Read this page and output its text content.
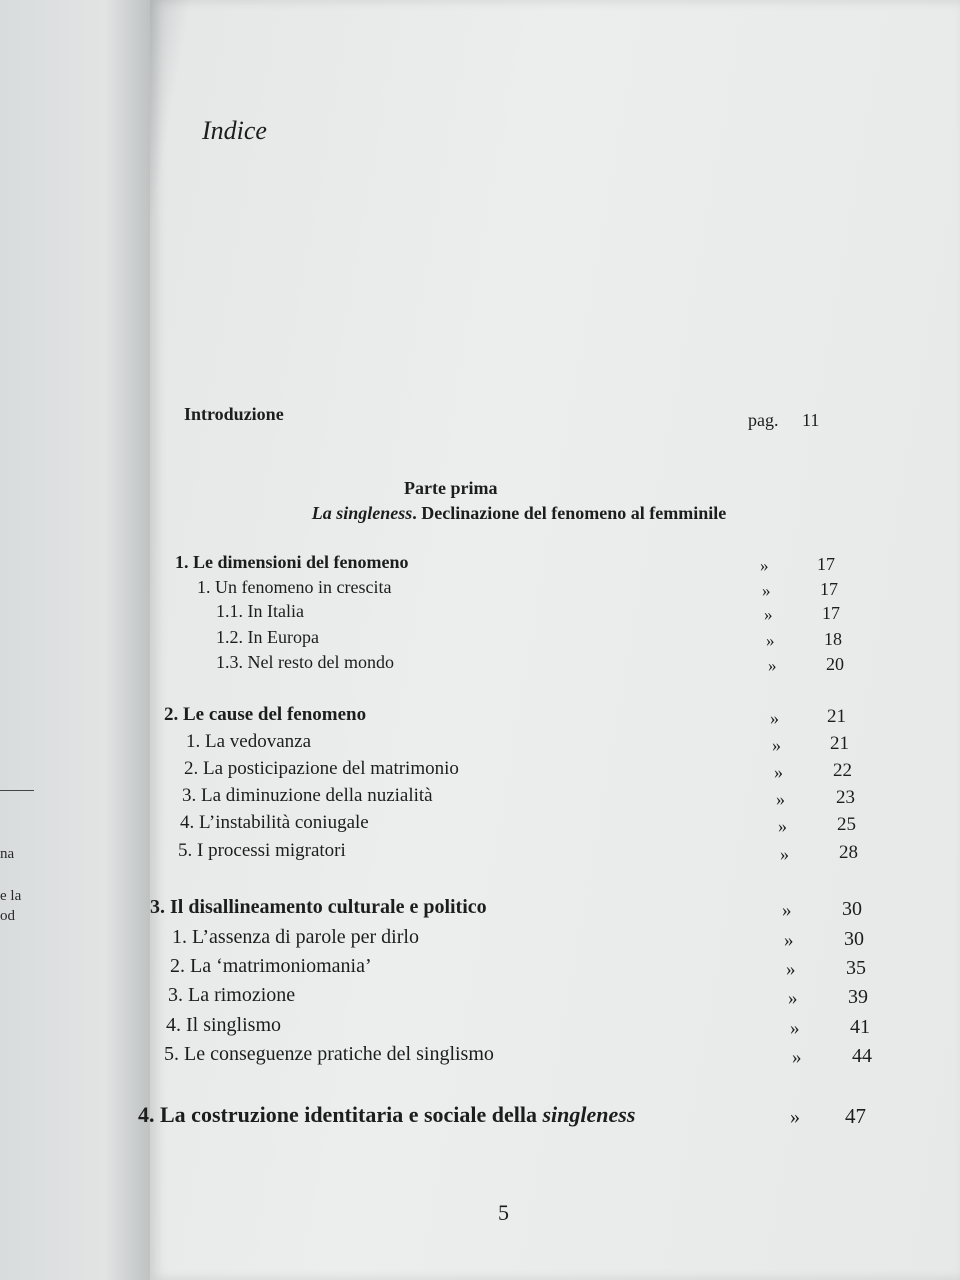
na
e la
od
Indice
Introduzione	pag. 11
Parte prima
La singleness. Declinazione del fenomeno al femminile
1. Le dimensioni del fenomeno	»	17
1. Un fenomeno in crescita	»	17
1.1. In Italia	»	17
1.2. In Europa	»	18
1.3. Nel resto del mondo	»	20
2. Le cause del fenomeno	»	21
1. La vedovanza	»	21
2. La posticipazione del matrimonio	»	22
3. La diminuzione della nuzialità	»	23
4. L’instabilità coniugale	»	25
5. I processi migratori	»	28
3. Il disallineamento culturale e politico	»	30
1. L’assenza di parole per dirlo	»	30
2. La ‘matrimoniomania’	»	35
3. La rimozione	»	39
4. Il singlismo	»	41
5. Le conseguenze pratiche del singlismo	»	44
4. La costruzione identitaria e sociale della singleness	»	47
5
